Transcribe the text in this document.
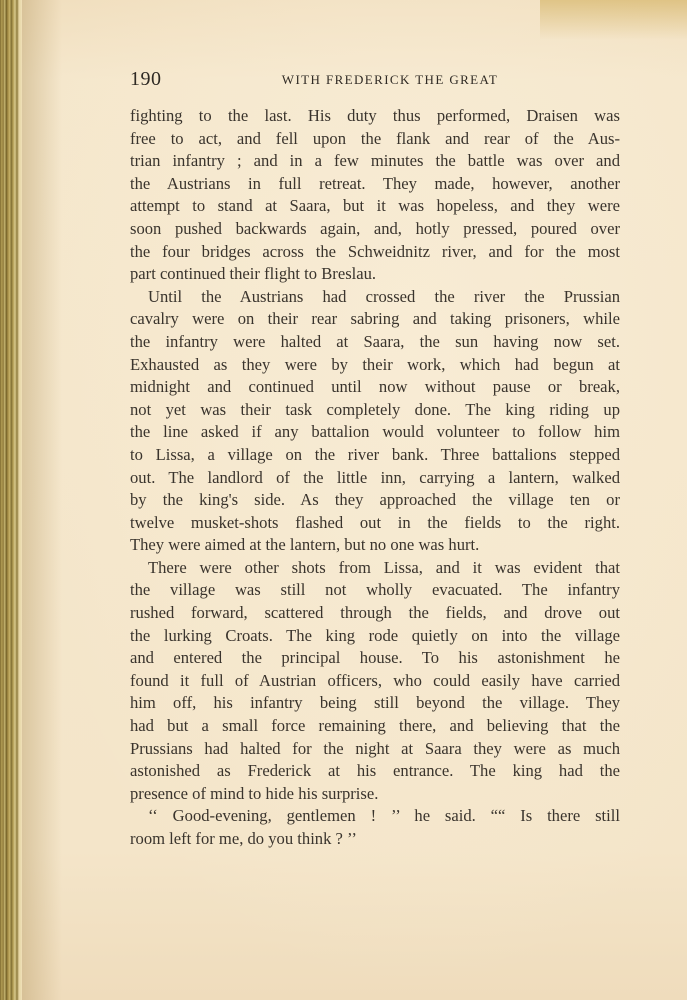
190	WITH FREDERICK THE GREAT
fighting to the last. His duty thus performed, Draisen was
free to act, and fell upon the flank and rear of the Aus-
trian infantry ; and in a few minutes the battle was over and
the Austrians in full retreat. They made, however, another
attempt to stand at Saara, but it was hopeless, and they were
soon pushed backwards again, and, hotly pressed, poured over
the four bridges across the Schweidnitz river, and for the most
part continued their flight to Breslau.
Until the Austrians had crossed the river the Prussian
cavalry were on their rear sabring and taking prisoners, while
the infantry were halted at Saara, the sun having now set.
Exhausted as they were by their work, which had begun at
midnight and continued until now without pause or break,
not yet was their task completely done. The king riding up
the line asked if any battalion would volunteer to follow him
to Lissa, a village on the river bank. Three battalions stepped
out. The landlord of the little inn, carrying a lantern, walked
by the king's side. As they approached the village ten or
twelve musket-shots flashed out in the fields to the right.
They were aimed at the lantern, but no one was hurt.
There were other shots from Lissa, and it was evident that
the village was still not wholly evacuated. The infantry
rushed forward, scattered through the fields, and drove out
the lurking Croats. The king rode quietly on into the village
and entered the principal house. To his astonishment he
found it full of Austrian officers, who could easily have carried
him off, his infantry being still beyond the village. They
had but a small force remaining there, and believing that the
Prussians had halted for the night at Saara they were as much
astonished as Frederick at his entrance. The king had the
presence of mind to hide his surprise.
‘‘ Good-evening, gentlemen ! ’’ he said. ““ Is there still
room left for me, do you think ? ’’
